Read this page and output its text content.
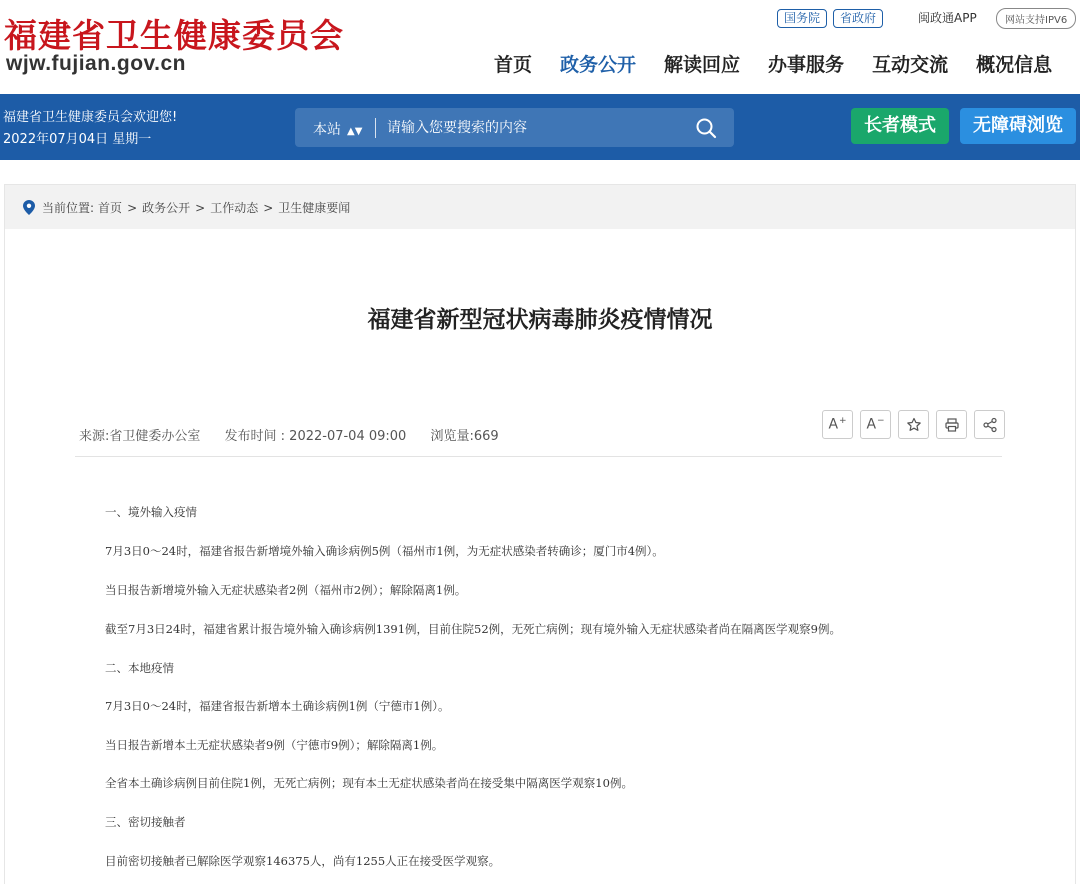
福建省卫生健康委员会
wjw.fujian.gov.cn
国务院	省政府	闽政通APP	网站支持IPV6
首页 政务公开 解读回应 办事服务 互动交流 概况信息
福建省卫生健康委员会欢迎您!
2022年07月04日 星期一
本站 ▲▼
请输入您要搜索的内容	长者模式	无障碍浏览
当前位置: 首页 > 政务公开 > 工作动态 > 卫生健康要闻
福建省新型冠状病毒肺炎疫情情况
来源:省卫健委办公室 发布时间 : 2022-07-04 09:00 浏览量:669
A+ A−

一、境外输入疫情

7月3日0～24时，福建省报告新增境外输入确诊病例5例（福州市1例，为无症状感染者转确诊；厦门市4例）。

当日报告新增境外输入无症状感染者2例（福州市2例）；解除隔离1例。

截至7月3日24时，福建省累计报告境外输入确诊病例1391例，目前住院52例，无死亡病例；现有境外输入无症状感染者尚在隔离医学观察9例。

二、本地疫情

7月3日0～24时，福建省报告新增本土确诊病例1例（宁德市1例）。

当日报告新增本土无症状感染者9例（宁德市9例）；解除隔离1例。

全省本土确诊病例目前住院1例，无死亡病例；现有本土无症状感染者尚在接受集中隔离医学观察10例。

三、密切接触者

目前密切接触者已解除医学观察146375人，尚有1255人正在接受医学观察。
